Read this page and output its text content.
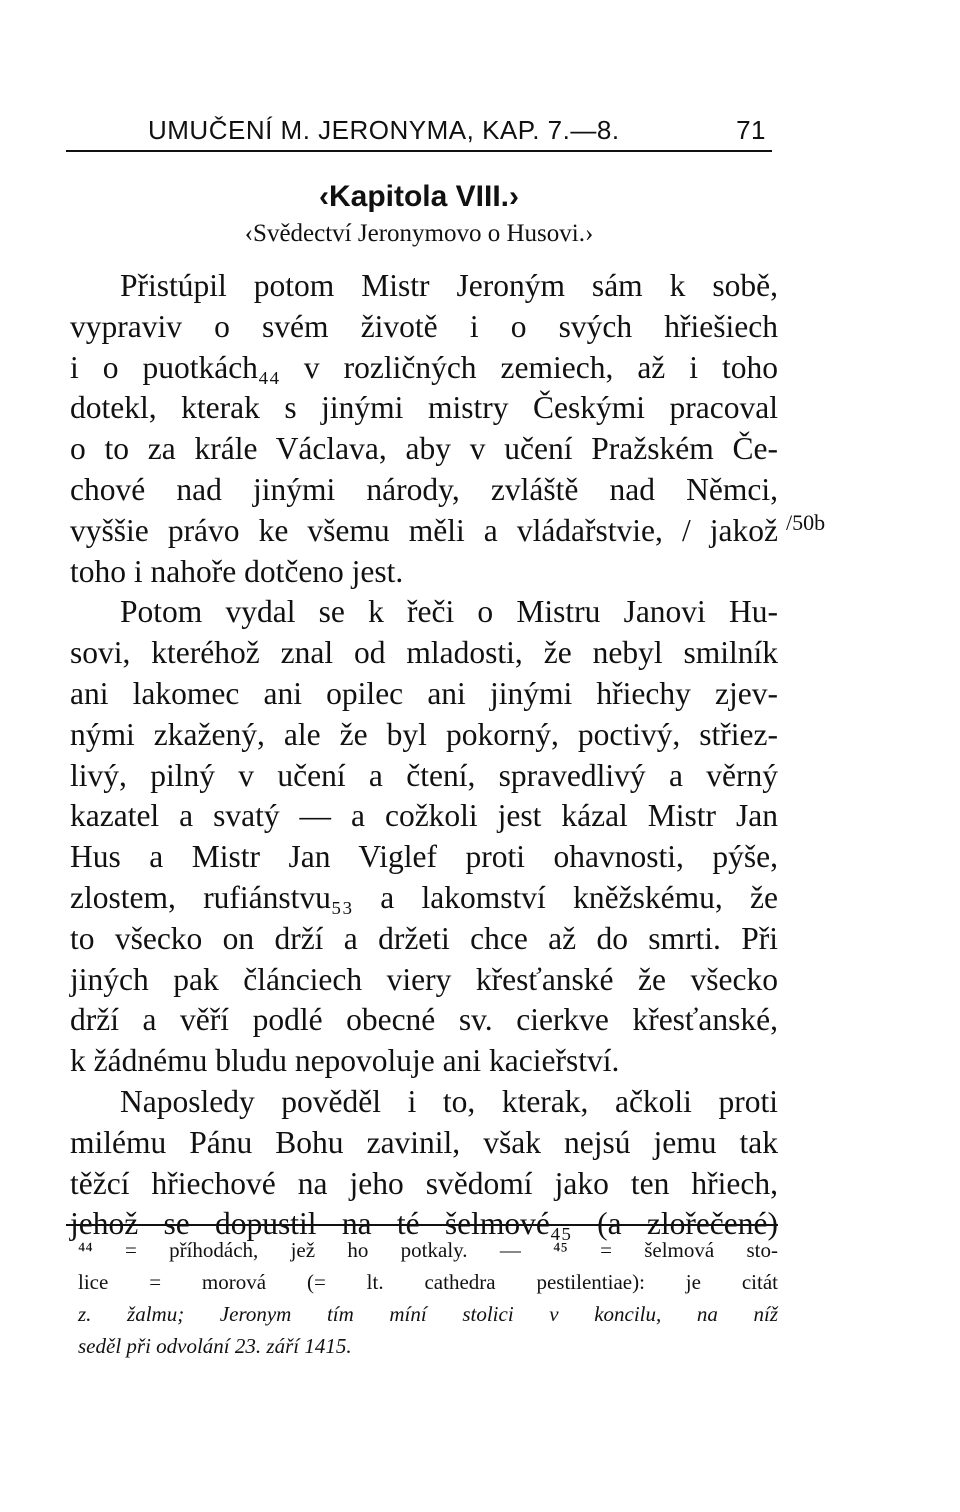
UMUČENÍ M. JERONYMA, KAP. 7.—8.	71
‹Kapitola VIII.›
‹Svědectví Jeronymovo o Husovi.›
Přistúpil potom Mistr Jeroným sám k sobě,
vypraviv o svém životě i o svých hřiešiech
i o puotkách₄₄ v rozličných zemiech, až i toho
dotekl, kterak s jinými mistry Českými pracoval
o to za krále Václava, aby v učení Pražském Če-
chové nad jinými národy, zvláště nad Němci,
vyššie právo ke všemu měli a vládařstvie, / jakož
toho i nahoře dotčeno jest.
Potom vydal se k řeči o Mistru Janovi Hu-
sovi, kteréhož znal od mladosti, že nebyl smilník
ani lakomec ani opilec ani jinými hřiechy zjev-
nými zkažený, ale že byl pokorný, poctivý, střiez-
livý, pilný v učení a čtení, spravedlivý a věrný
kazatel a svatý — a cožkoli jest kázal Mistr Jan
Hus a Mistr Jan Viglef proti ohavnosti, pýše,
zlostem, rufiánstvu₅₃ a lakomství kněžskému, že
to všecko on drží a držeti chce až do smrti. Při
jiných pak článciech viery křesťanské že všecko
drží a věří podlé obecné sv. cierkve křesťanské,
k žádnému bludu nepovoluje ani kacieřství.
Naposledy pověděl i to, kterak, ačkoli proti
milému Pánu Bohu zavinil, však nejsú jemu tak
těžcí hřiechové na jeho svědomí jako ten hřiech,
jehož se dopustil na té šelmové₄₅ (a zlořečené)
/50b
⁴⁴ = příhodách, jež ho potkaly. — ⁴⁵ = šelmová sto-
lice = morová (= lt. cathedra pestilentiae): je citát
z. žalmu; Jeronym tím míní stolici v koncilu, na níž
seděl při odvolání 23. září 1415.
